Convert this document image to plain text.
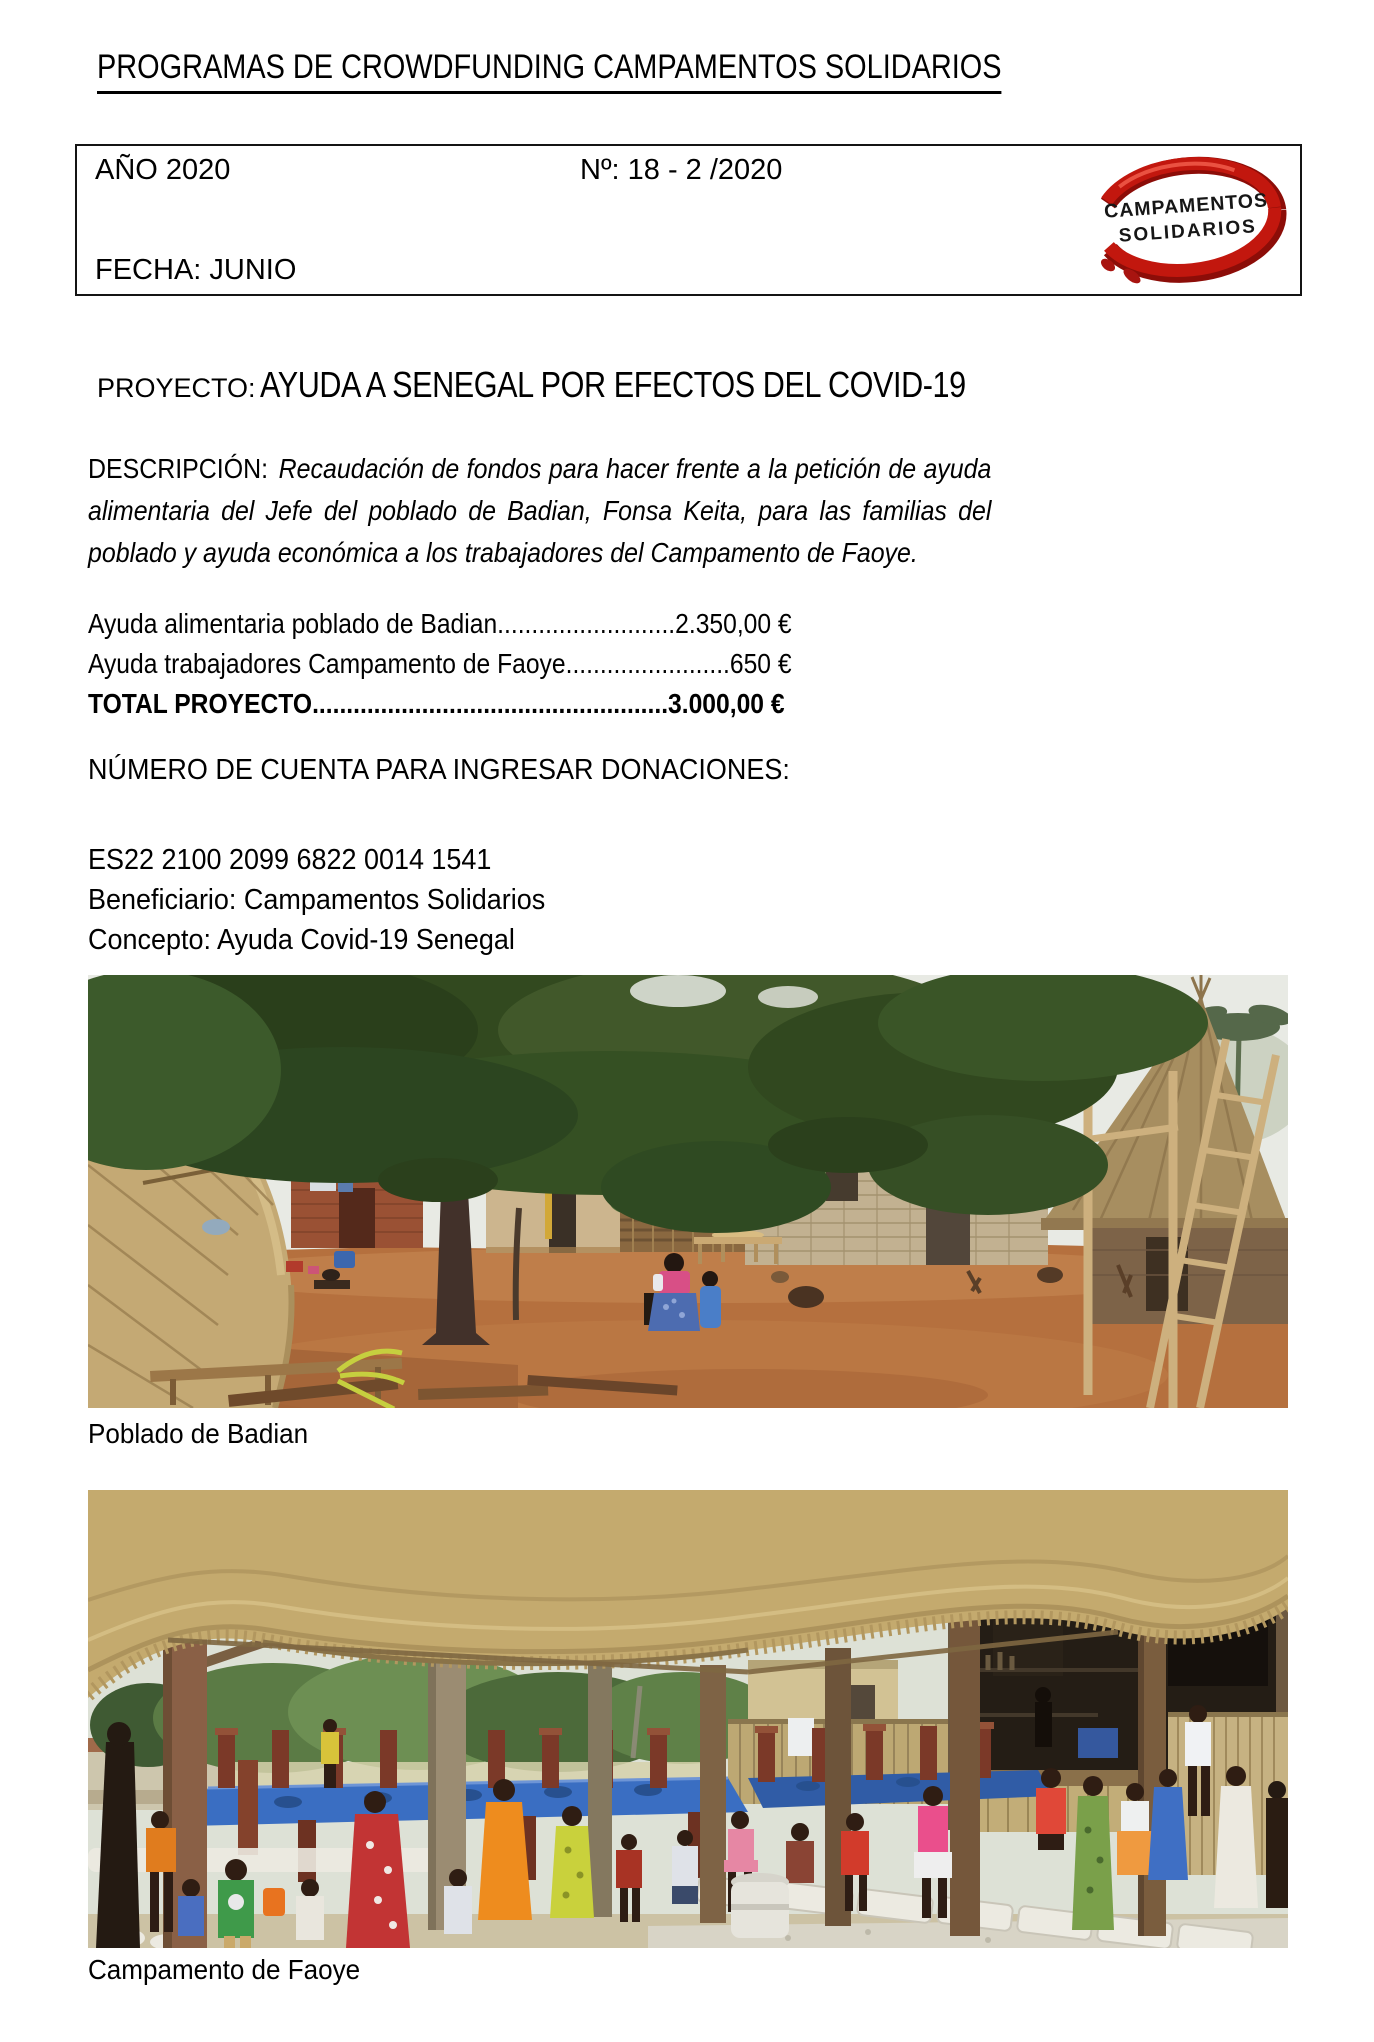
PROGRAMAS DE CROWDFUNDING CAMPAMENTOS SOLIDARIOS
AÑO 2020	Nº: 18 - 2 /2020
FECHA: JUNIO
CAMPAMENTOS
SOLIDARIOS
PROYECTO: AYUDA A SENEGAL POR EFECTOS DEL COVID-19
DESCRIPCIÓN: Recaudación de fondos para hacer frente a la petición de ayuda alimentaria del Jefe del poblado de Badian, Fonsa Keita, para las familias del poblado y ayuda económica a los trabajadores del Campamento de Faoye.
Ayuda alimentaria poblado de Badian..........................2.350,00 €
Ayuda trabajadores Campamento de Faoye........................650 €
TOTAL PROYECTO....................................................3.000,00 €
NÚMERO DE CUENTA PARA INGRESAR DONACIONES:
ES22 2100 2099 6822 0014 1541
Beneficiario: Campamentos Solidarios
Concepto: Ayuda Covid-19 Senegal
Poblado de Badian
Campamento de Faoye
